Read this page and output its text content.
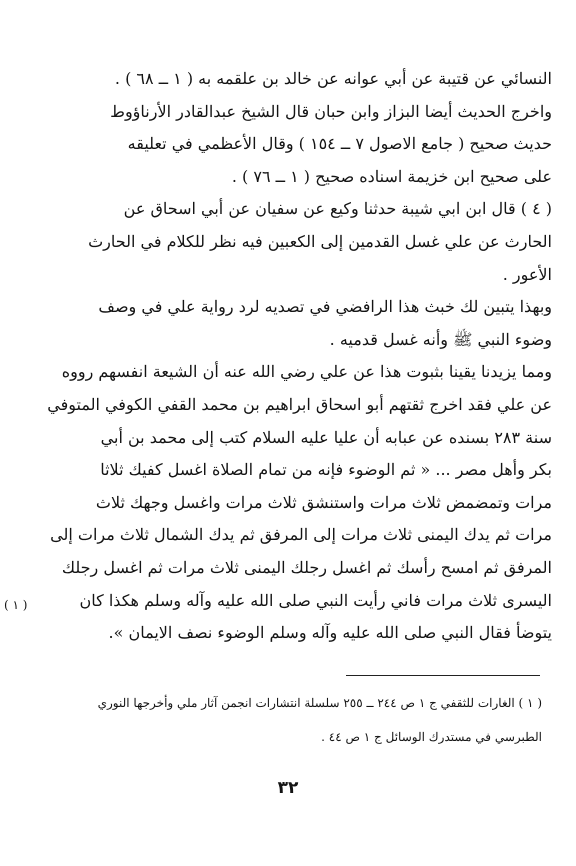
النسائي عن قتيبة عن أبي عوانه عن خالد بن علقمه به ( ١ ــ ٦٨ ) .
واخرج الحديث أيضا البزاز وابن حبان قال الشيخ عبدالقادر الأرناؤوط
حديث صحيح ( جامع الاصول ٧ ــ ١٥٤ ) وقال الأعظمي في تعليقه
على صحيح ابن خزيمة اسناده صحيح ( ١ ــ ٧٦ ) .
( ٤ ) قال ابن ابي شيبة حدثنا وكيع عن سفيان عن أبي اسحاق عن
الحارث عن علي غسل القدمين إلى الكعبين فيه نظر للكلام في الحارث
الأعور .
وبهذا يتبين لك خبث هذا الرافضي في تصديه لرد رواية علي في وصف
وضوء النبي ﷺ وأنه غسل قدميه .
ومما يزيدنا يقينا بثبوت هذا عن علي رضي الله عنه أن الشيعة انفسهم رووه
عن علي فقد اخرج ثقتهم أبو اسحاق ابراهيم بن محمد القفي الكوفي المتوفي
سنة ٢٨٣ بسنده عن عبابه أن عليا عليه السلام كتب إلى محمد بن أبي
بكر وأهل مصر ... « ثم الوضوء فإنه من تمام الصلاة اغسل كفيك ثلاثا
مرات وتمضمض ثلاث مرات واستنشق ثلاث مرات واغسل وجهك ثلاث
مرات ثم يدك اليمنى ثلاث مرات إلى المرفق ثم يدك الشمال ثلاث مرات إلى
المرفق ثم امسح رأسك ثم اغسل رجلك اليمنى ثلاث مرات ثم اغسل رجلك
اليسرى ثلاث مرات فاني رأيت النبي صلى الله عليه وآله وسلم هكذا كان
يتوضأ فقال النبي صلى الله عليه وآله وسلم الوضوء نصف الايمان ».
( ١ )
( ١ ) الغارات للثقفي ج ١ ص ٢٤٤ ــ ٢٥٥ سلسلة انتشارات انجمن آثار ملي وأخرجها النوري
الطبرسي في مستدرك الوسائل ج ١ ص ٤٤ .
٣٢
